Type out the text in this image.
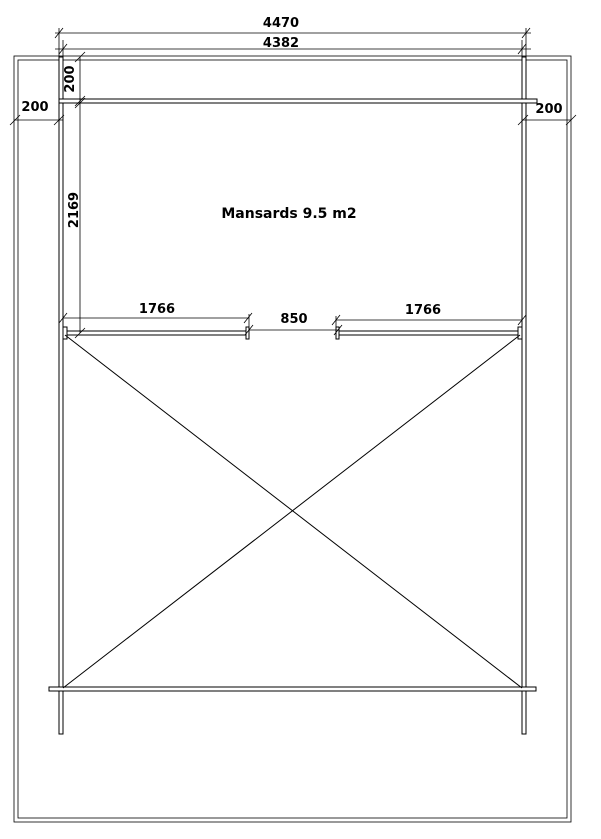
4470
4382
200
200	200
2169
1766
850
1766
Mansards 9.5 m2
